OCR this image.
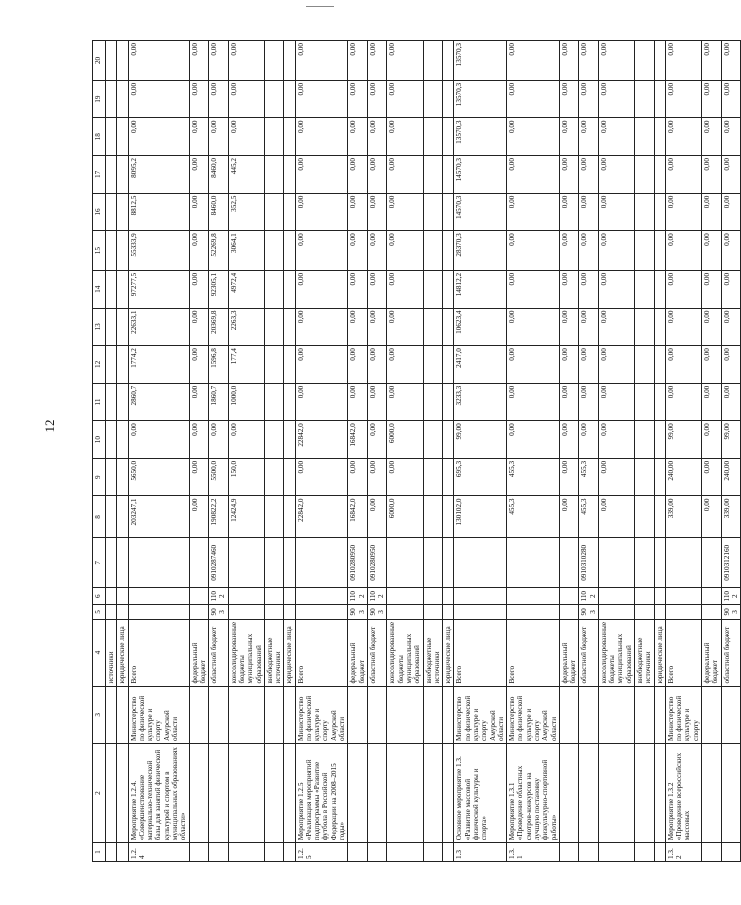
12
1	2	3	4	5	6	7	8	9	10	11	12	13	14	15	16	17	18	19	20
			источники																
			юридические лица																
1.2.4	Мероприятие 1.2.4. «Совершенствование материально-технической базы для занятий физической культурой и спортом в муниципальных образованиях области»	Министерство по физической культуре и спорту Амурской области	Всего				203247,1	5650,0	0,00	2860,7	1774,2	22633,1	97277,5	55333,9	8812,5	8095,2	0,00	0,00	0,00
			федеральный бюджет				0,00	0,00	0,00	0,00	0,00	0,00	0,00	0,00	0,00	0,00	0,00	0,00	0,00
			областной бюджет	903	1102	0910287460	190822,2	5500,0	0,00	1860,7	1596,8	20369,8	92305,1	52269,8	8460,0	8460,0	0,00	0,00	0,00
			консолидированные бюджеты муниципальных образований				12424,9	150,0	0,00	1000,0	177,4	2263,3	4972,4	3064,1	352,5	445,2	0,00	0,00	0,00
			внебюджетные источники																
			юридические лица																
1.2.5	Мероприятие 1.2.5 «Реализация мероприятий подпрограммы «Развитие футбола в Российской Федерации на 2008–2015 годы»	Министерство по физической культуре и спорту Амурской области	Всего				22842,0	0,00	22842,0	0,00	0,00	0,00	0,00	0,00	0,00	0,00	0,00	0,00	0,00
			федеральный бюджет	903	1102	0910280950	16842,0	0,00	16842,0	0,00	0,00	0,00	0,00	0,00	0,00	0,00	0,00	0,00	0,00
			областной бюджет	903	1102	0910280950	0,00	0,00	0,00	0,00	0,00	0,00	0,00	0,00	0,00	0,00	0,00	0,00	0,00
			консолидированные бюджеты муниципальных образований				6000,0	0,00	6000,0	0,00	0,00	0,00	0,00	0,00	0,00	0,00	0,00	0,00	0,00
			внебюджетные источники																
			юридические лица																
1.3	Основное мероприятие 1.3. «Развитие массовой физической культуры и спорта»	Министерство по физической культуре и спорту Амурской области	Всего				130102,0	695,3	99,00	3233,3	2417,0	10623,4	14812,2	28370,3	14570,3	14570,3	13570,3	13570,3	13570,3
1.3.1	Мероприятие 1.3.1 «Проведение областных смотров-конкурсов на лучшую постановку физкультурно-спортивной работы»	Министерство по физической культуре и спорту Амурской области	Всего				455,3	455,3	0,00	0,00	0,00	0,00	0,00	0,00	0,00	0,00	0,00	0,00	0,00
			федеральный бюджет				0,00	0,00	0,00	0,00	0,00	0,00	0,00	0,00	0,00	0,00	0,00	0,00	0,00
			областной бюджет	903	1102	0910310280	455,3	455,3	0,00	0,00	0,00	0,00	0,00	0,00	0,00	0,00	0,00	0,00	0,00
			консолидированные бюджеты муниципальных образований				0,00	0,00	0,00	0,00	0,00	0,00	0,00	0,00	0,00	0,00	0,00	0,00	0,00
			внебюджетные источники																
			юридические лица																
1.3.2	Мероприятие 1.3.2 «Проведение всероссийских массовых	Министерство по физической культуре и спорту	Всего				339,00	240,00	99,00	0,00	0,00	0,00	0,00	0,00	0,00	0,00	0,00	0,00	0,00
			федеральный бюджет				0,00	0,00	0,00	0,00	0,00	0,00	0,00	0,00	0,00	0,00	0,00	0,00	0,00
			областной бюджет	903	1102	0910312160	339,00	240,00	99,00	0,00	0,00	0,00	0,00	0,00	0,00	0,00	0,00	0,00	0,00
